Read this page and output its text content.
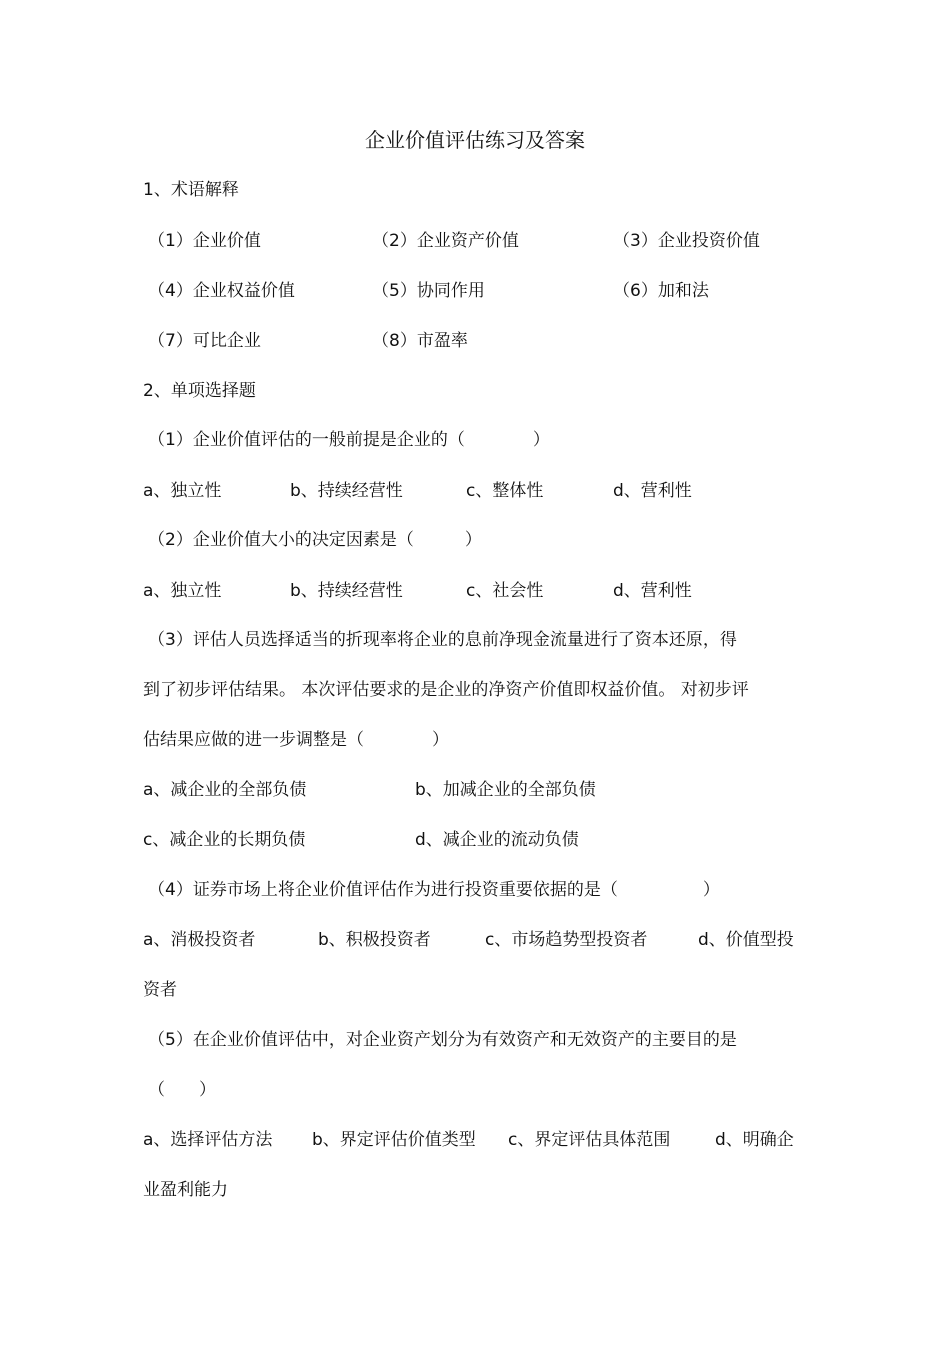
企业价值评估练习及答案
1、术语解释
（1）企业价值	（2）企业资产价值	（3）企业投资价值
（4）企业权益价值	（5）协同作用	（6）加和法
（7）可比企业	（8）市盈率
2、单项选择题
（1）企业价值评估的一般前提是企业的（　　　　）
a、独立性	b、持续经营性	c、整体性	d、营利性
（2）企业价值大小的决定因素是（　　　）
a、独立性	b、持续经营性	c、社会性	d、营利性
（3）评估人员选择适当的折现率将企业的息前净现金流量进行了资本还原，得
到了初步评估结果。 本次评估要求的是企业的净资产价值即权益价值。 对初步评
估结果应做的进一步调整是（　　　　）
a、减企业的全部负债	b、加减企业的全部负债
c、减企业的长期负债	d、减企业的流动负债
（4）证券市场上将企业价值评估作为进行投资重要依据的是（　　　　　）
a、消极投资者	b、积极投资者	c、市场趋势型投资者	d、价值型投
资者
（5）在企业价值评估中，对企业资产划分为有效资产和无效资产的主要目的是
（　　）
a、选择评估方法 b、界定评估价值类型 c、界定评估具体范围	d、明确企
业盈利能力
